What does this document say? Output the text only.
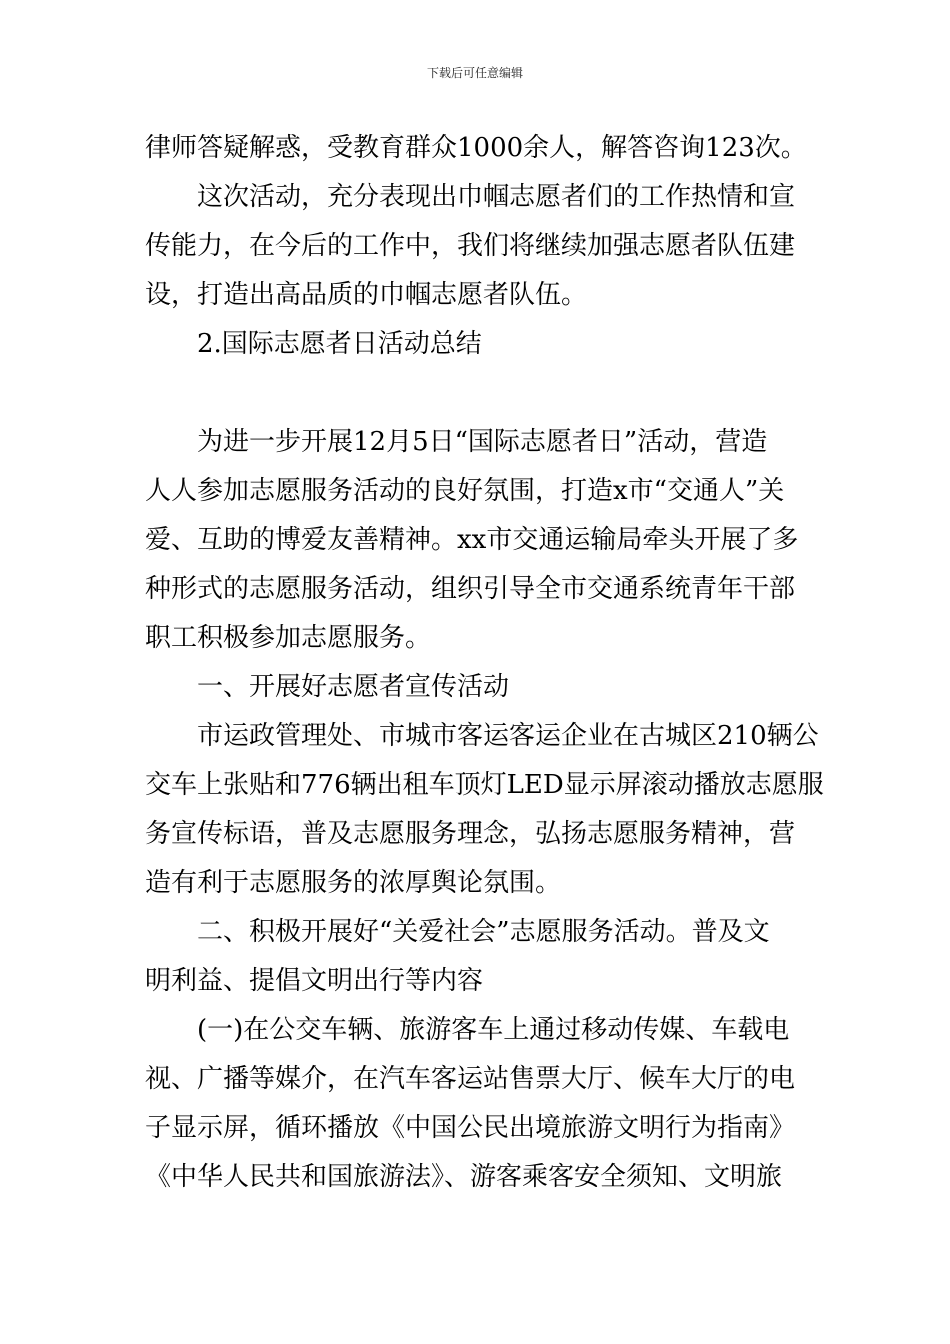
下载后可任意编辑
律师答疑解惑，受教育群众1000余人，解答咨询123次。
这次活动，充分表现出巾帼志愿者们的工作热情和宣
传能力，在今后的工作中，我们将继续加强志愿者队伍建
设，打造出高品质的巾帼志愿者队伍。
2.国际志愿者日活动总结
为进一步开展12月5日“国际志愿者日”活动，营造
人人参加志愿服务活动的良好氛围，打造x市“交通人”关
爱、互助的博爱友善精神。xx市交通运输局牵头开展了多
种形式的志愿服务活动，组织引导全市交通系统青年干部
职工积极参加志愿服务。
一、开展好志愿者宣传活动
市运政管理处、市城市客运客运企业在古城区210辆公
交车上张贴和776辆出租车顶灯LED显示屏滚动播放志愿服
务宣传标语，普及志愿服务理念，弘扬志愿服务精神，营
造有利于志愿服务的浓厚舆论氛围。
二、积极开展好“关爱社会”志愿服务活动。普及文
明利益、提倡文明出行等内容
(一)在公交车辆、旅游客车上通过移动传媒、车载电
视、广播等媒介，在汽车客运站售票大厅、候车大厅的电
子显示屏，循环播放《中国公民出境旅游文明行为指南》
《中华人民共和国旅游法》、游客乘客安全须知、文明旅
